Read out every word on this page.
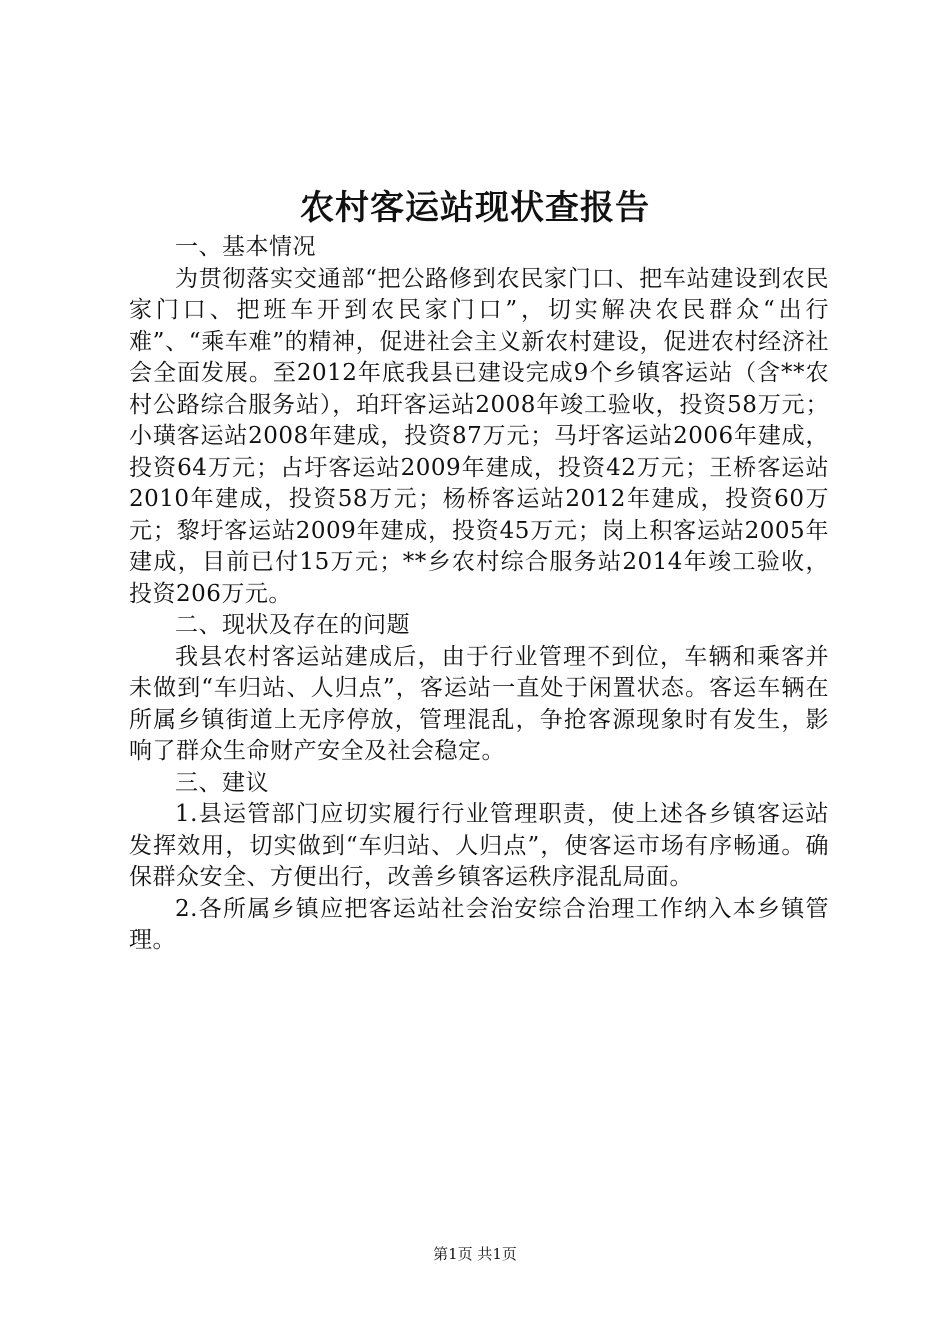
农村客运站现状查报告

一、基本情况

为贯彻落实交通部“把公路修到农民家门口、把车站建设到农民家门口、把班车开到农民家门口”，切实解决农民群众“出行难”、“乘车难”的精神，促进社会主义新农村建设，促进农村经济社会全面发展。至2012年底我县已建设完成9个乡镇客运站（含**农村公路综合服务站），珀玕客运站2008年竣工验收，投资58万元；小璜客运站2008年建成，投资87万元；马圩客运站2006年建成，投资64万元；占圩客运站2009年建成，投资42万元；王桥客运站2010年建成，投资58万元；杨桥客运站2012年建成，投资60万元；黎圩客运站2009年建成，投资45万元；岗上积客运站2005年建成，目前已付15万元；**乡农村综合服务站2014年竣工验收，投资206万元。

二、现状及存在的问题

我县农村客运站建成后，由于行业管理不到位，车辆和乘客并未做到“车归站、人归点”，客运站一直处于闲置状态。客运车辆在所属乡镇街道上无序停放，管理混乱，争抢客源现象时有发生，影响了群众生命财产安全及社会稳定。

三、建议

1.县运管部门应切实履行行业管理职责，使上述各乡镇客运站发挥效用，切实做到“车归站、人归点”，使客运市场有序畅通。确保群众安全、方便出行，改善乡镇客运秩序混乱局面。

2.各所属乡镇应把客运站社会治安综合治理工作纳入本乡镇管理。

第1页 共1页
